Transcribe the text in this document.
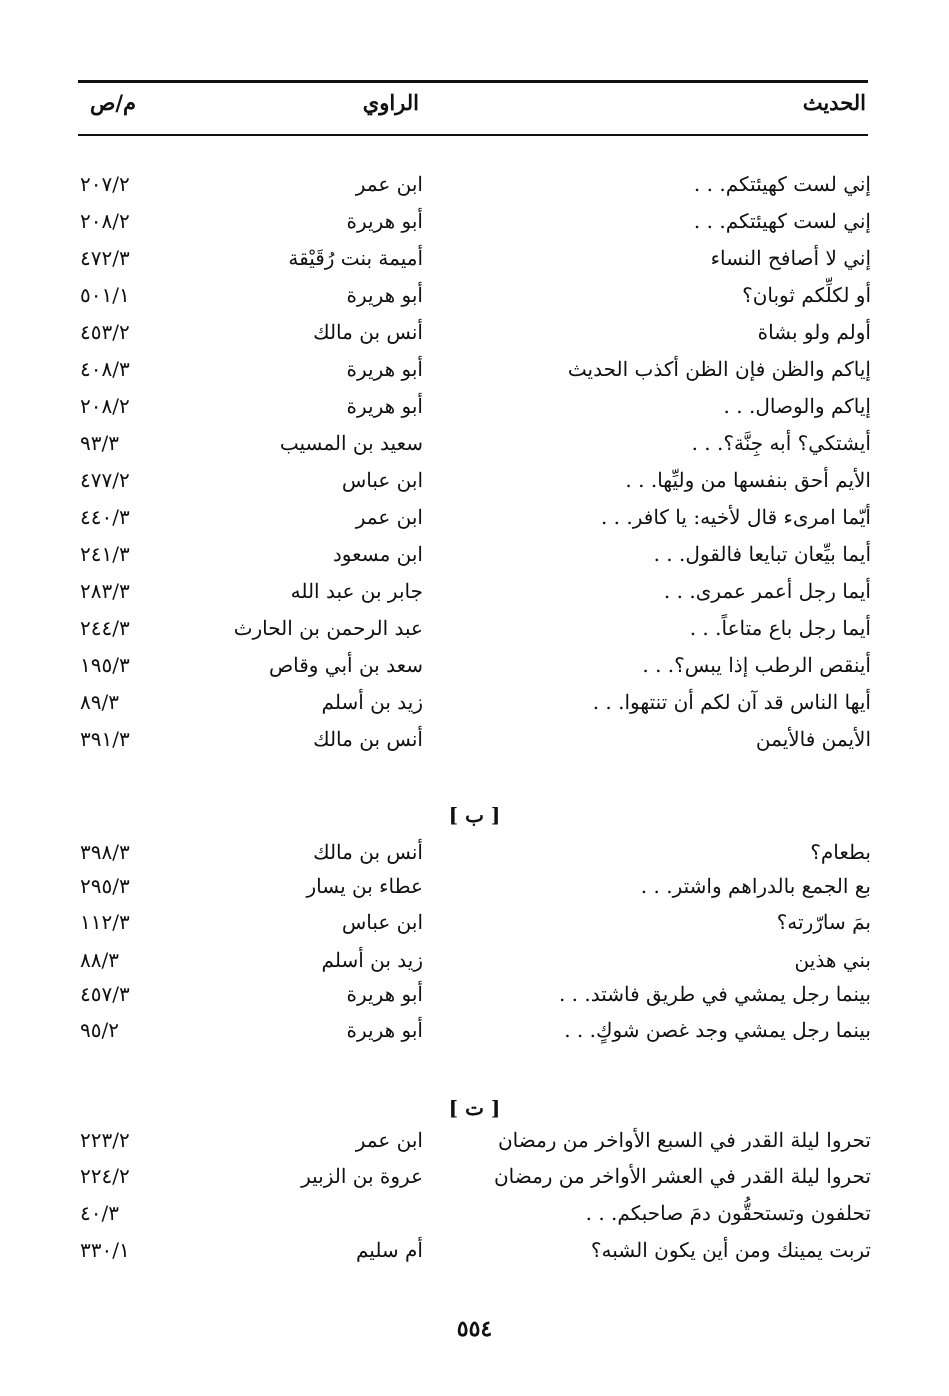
الحديث
الراوي
م/ص
إني لست كهيئتكم. . .
ابن عمر
٢٠٧/٢
إني لست كهيئتكم. . .
أبو هريرة
٢٠٨/٢
إني لا أصافح النساء
أميمة بنت رُقَيْقة
٤٧٢/٣
أو لكلِّكم ثوبان؟
أبو هريرة
٥٠١/١
أولم ولو بشاة
أنس بن مالك
٤٥٣/٢
إياكم والظن فإن الظن أكذب الحديث
أبو هريرة
٤٠٨/٣
إياكم والوصال. . .
أبو هريرة
٢٠٨/٢
أيشتكي؟ أبه جِنَّة؟. . .
سعيد بن المسيب
٩٣/٣
الأيم أحق بنفسها من وليِّها. . .
ابن عباس
٤٧٧/٢
أيّما امرىء قال لأخيه: يا كافر. . .
ابن عمر
٤٤٠/٣
أيما بيِّعان تبايعا فالقول. . .
ابن مسعود
٢٤١/٣
أيما رجل أعمر عمرى. . .
جابر بن عبد الله
٢٨٣/٣
أيما رجل باع متاعاً. . .
عبد الرحمن بن الحارث
٢٤٤/٣
أينقص الرطب إذا يبس؟. . .
سعد بن أبي وقاص
١٩٥/٣
أيها الناس قد آن لكم أن تنتهوا. . .
زيد بن أسلم
٨٩/٣
الأيمن فالأيمن
أنس بن مالك
٣٩١/٣
[ ب ]
بطعام؟
أنس بن مالك
٣٩٨/٣
بع الجمع بالدراهم واشتر. . .
عطاء بن يسار
٢٩٥/٣
بمَ سارّرته؟
ابن عباس
١١٢/٣
بني هذين
زيد بن أسلم
٨٨/٣
بينما رجل يمشي في طريق فاشتد. . .
أبو هريرة
٤٥٧/٣
بينما رجل يمشي وجد غصن شوكٍ. . .
أبو هريرة
٩٥/٢
[ ت ]
تحروا ليلة القدر في السبع الأواخر من رمضان
ابن عمر
٢٢٣/٢
تحروا ليلة القدر في العشر الأواخر من رمضان
عروة بن الزبير
٢٢٤/٢
تحلفون وتستحقُّون دمَ صاحبكم. . .
٤٠/٣
تربت يمينك ومن أين يكون الشبه؟
أم سليم
٣٣٠/١
٥٥٤
